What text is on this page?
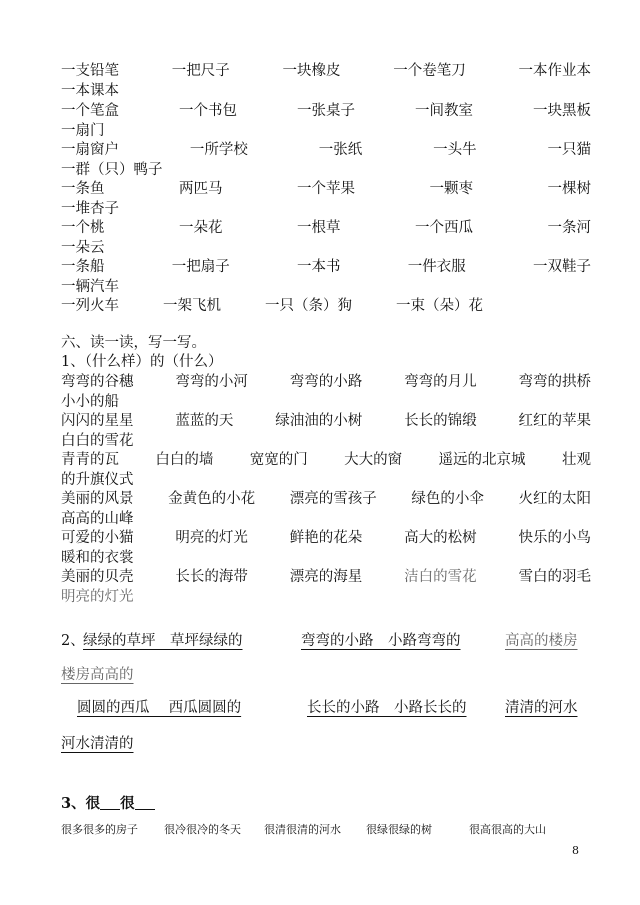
一支铅笔	一把尺子	一块橡皮	一个卷笔刀	一本作业本
一本课本
一个笔盒	一个书包	一张桌子	一间教室	一块黑板
一扇门
一扇窗户	一所学校	一张纸	一头牛	一只猫
一群（只）鸭子
一条鱼	两匹马	一个苹果	一颗枣	一棵树
一堆杏子
一个桃	一朵花	一根草	一个西瓜	一条河
一朵云
一条船	一把扇子	一本书	一件衣服	一双鞋子
一辆汽车
一列火车	一架飞机	一只（条）狗	一束（朵）花
六、读一读，写一写。
1、（什么样）的（什么）
弯弯的谷穗	弯弯的小河	弯弯的小路	弯弯的月儿	弯弯的拱桥
小小的船
闪闪的星星	蓝蓝的天	绿油油的小树	长长的锦缎	红红的苹果
白白的雪花
青青的瓦	白白的墙	宽宽的门	大大的窗	遥远的北京城	壮观
的升旗仪式
美丽的风景 金黄色的小花 漂亮的雪孩子 绿色的小伞 火红的太阳
高高的山峰
可爱的小猫	明亮的灯光	鲜艳的花朵	高大的松树	快乐的小鸟
暖和的衣裳
美丽的贝壳	长长的海带	漂亮的海星	洁白的雪花	雪白的羽毛
明亮的灯光
2、
绿绿的草坪　草坪绿绿的	弯弯的小路　小路弯弯的	高高的楼房
楼房高高的
圆圆的西瓜　 西瓜圆圆的	长长的小路　小路长长的	清清的河水
河水清清的
3、很 很
很多很多的房子 很冷很冷的冬天 很清很清的河水 很绿很绿的树	很高很高的大山
8
